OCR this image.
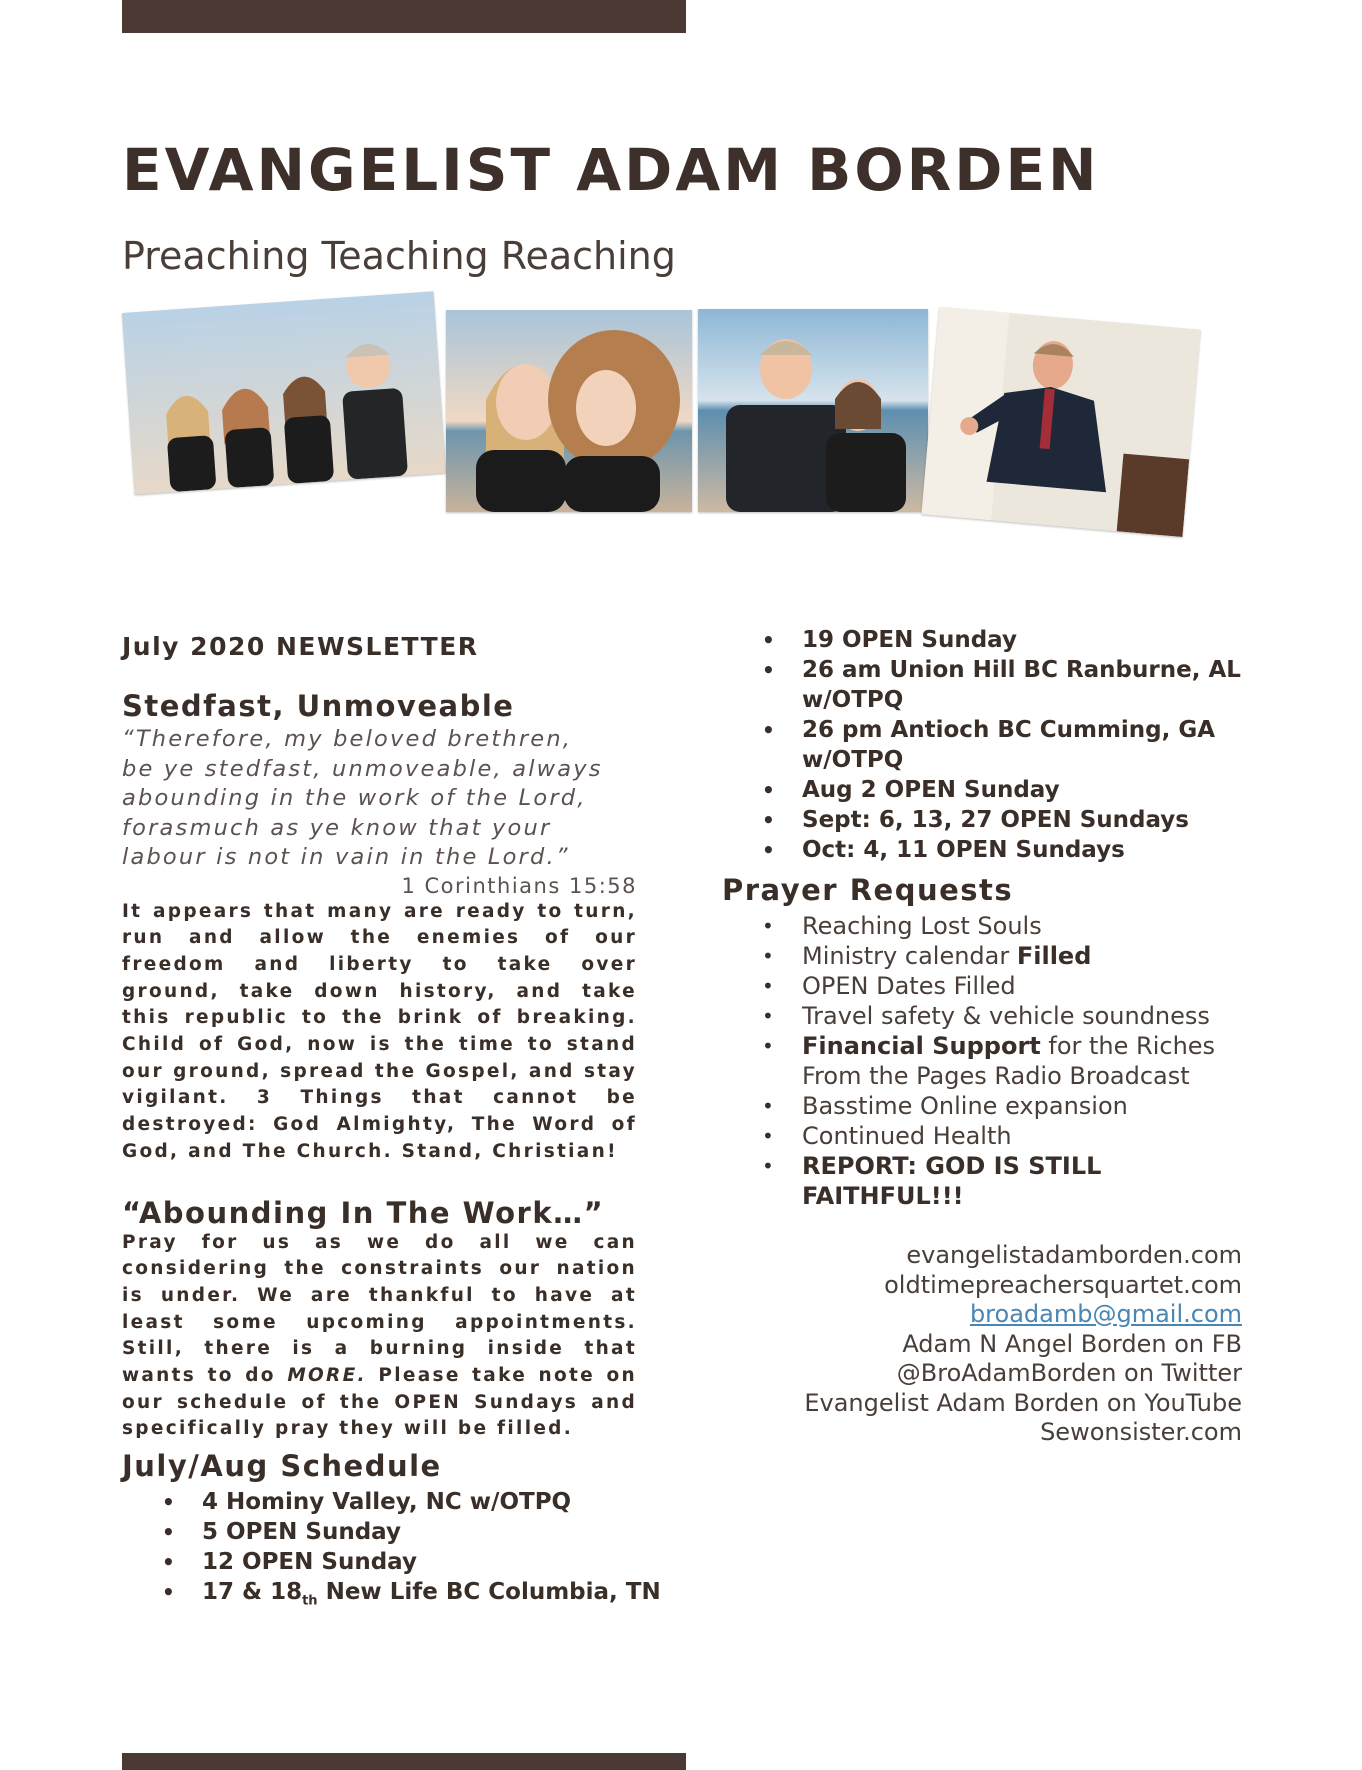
EVANGELIST ADAM BORDEN
Preaching Teaching Reaching
July 2020 NEWSLETTER
Stedfast, Unmoveable
“Therefore, my beloved brethren,
be ye stedfast, unmoveable, always
abounding in the work of the Lord,
forasmuch as ye know that your
labour is not in vain in the Lord.”
1 Corinthians 15:58
It appears that many are ready to turn, run and allow the enemies of our freedom and liberty to take over ground, take down history, and take this republic to the brink of breaking. Child of God, now is the time to stand our ground, spread the Gospel, and stay vigilant. 3 Things that cannot be destroyed: God Almighty, The Word of God, and The Church. Stand, Christian!
“Abounding In The Work…”
Pray for us as we do all we can considering the constraints our nation is under. We are thankful to have at least some upcoming appointments. Still, there is a burning inside that wants to do MORE. Please take note on our schedule of the OPEN Sundays and specifically pray they will be filled.
July/Aug Schedule
• 4 Hominy Valley, NC w/OTPQ
• 5 OPEN Sunday
• 12 OPEN Sunday
• 17 & $18_{th}$ New Life BC Columbia, TN
• 19 OPEN Sunday
• 26 am Union Hill BC Ranburne, AL w/OTPQ
• 26 pm Antioch BC Cumming, GA w/OTPQ
• Aug 2 OPEN Sunday
• Sept: 6, 13, 27 OPEN Sundays
• Oct: 4, 11 OPEN Sundays
Prayer Requests
• Reaching Lost Souls
• Ministry calendar Filled
• OPEN Dates Filled
• Travel safety & vehicle soundness
• Financial Support for the Riches From the Pages Radio Broadcast
• Basstime Online expansion
• Continued Health
• REPORT: GOD IS STILL FAITHFUL!!!
evangelistadamborden.com
oldtimepreachersquartet.com
broadamb@gmail.com
Adam N Angel Borden on FB
@BroAdamBorden on Twitter
Evangelist Adam Borden on YouTube
Sewonsister.com
